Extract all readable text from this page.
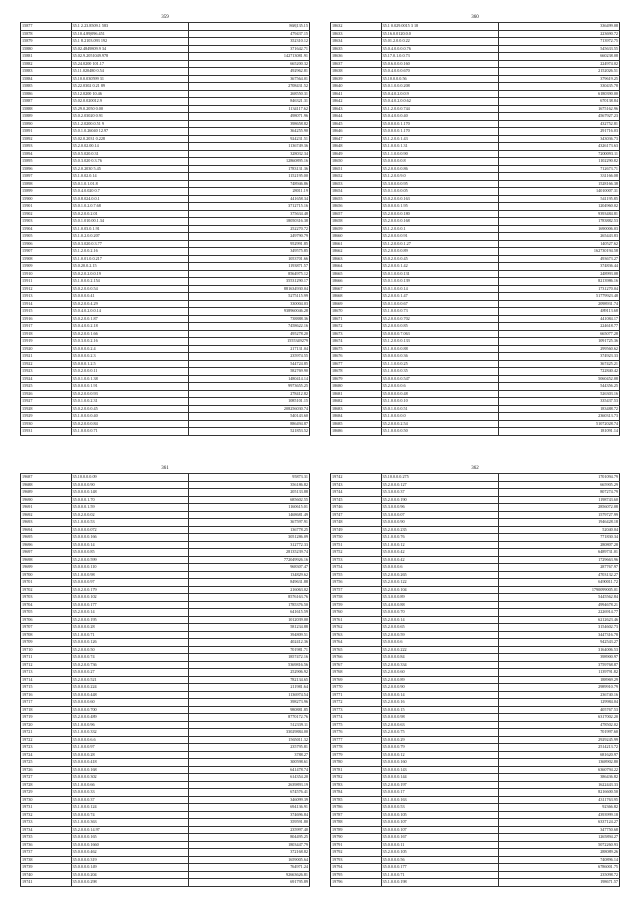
359
15877	35.1 2.23.8509.1 583	868|135.15
15878	35.10.4.89|096.451	479437.15
15879	35.1 8.2103.093 192	352310.12
15880	35.02.4849809.9 34	371642.71
15881	35.02.9.2051049.978	142713081.91
15882	35.24.0200 101.17	665200.32
15883	35.11.020480 0.54	492962.81
15884	35.10.0.030599 31	367564.01
15885	35.22.0302 0.21 89	2708431.52
15886	35.12.0200 10.46	268550.31
15887	35.02.0.020012.9	846321.31
15888	35.29.0.2050 0.00	1134117.62
15889	35.0.2.03020 0.91	498071.96
15890	35.1.2.0200.0.51 9	398658.82
15891	35.0.1.0.26040 12.97	364255.90
15892	35.02.0.2031 0.228	924231.51
15893	35.2.0.02.00.14	1136749.36
15894	35.0.5.020.0.31	328032.34
15895	35.0.3.020 0.3.76	12860895.16
15896	35.2.0.2030 5.45	1783131.36
15897	35.1.0.02.0.14	1152195.00
15898	35.0.1.0.1.01.8	748946.86
15899	35.0.4.0.020 0.7	28011.19
15900	35.0.8.024.0.0.1	441658.34
15901	35.0.1.0.2.0.7.68	3712715.16
15902	35.0.2.0.0.2.01	375634.48
15903	35.0.1.010.00.1.34	18050316.38
15904	35.1.0.03.0.1.91	252270.72
15905	35.1.0.2.0.0.207	249790.79
15906	35.0.3.020.0.3.77	952991.85
15907	35.1.2.0.0.2.16	349575.85
15908	35.1.0.01.0.0.217	1053701.66
15909	35.0.20.0.2.15	1193871.57
15910	35.0.2.0.2.0.0.19	8564975.12
15911	35.1.0.0.0.2.154	35531290.17
15912	35.0.2.0.0.0.54	881634930.04
15913	35.0.0.0.0.41	5275115.99
15914	35.0.2.0.0.4.29	330004.03
15915	35.0.4.0.2.0.0.14	938960046.28
15916	35.0.2.0.0.1.87	738888.36
15917	35.0.4.0.0.2.18	7458622.16
15918	35.0.2.0.0.1.66	495278.20
15919	35.0.3.0.0.2.16	1555349279
15920	35.0.0.0.0.2.4	217131.04
15921	35.0.0.0.0.2.3	235974.55
15922	35.0.0.0.1.2.5	544724.85
15923	35.0.2.0.0.0.11	582769.90
15924	35.0.1.0.0.1.38	1480414.14
15925	35.0.0.0.0.1.91	9973655.25
15926	35.0.2.0.0.0.93	278412.82
15927	35.0.1.0.0.2.31	1085101.15
15928	35.0.2.0.0.0.45	208256030.74
15929	35.1.0.0.0.0.40	540143.60
15930	35.0.2.0.0.0.84	886494.87
15931	35.1.0.0.0.0.71	521853.52
360
18632	35.1 0.029.0015 3 18	336499.08
18633	35.16.0.0120.0.0	223690.72
18634	35.01.2.0.0.0.22	713972.75
18635	35.0.4.0.0.0.0.76	545633.55
18636	35.17.0.1.0.0.73	660238.08
18637	35.0.6.0.0.0.160	224974.02
18638	35.0.4.0.0.0.670	2152026.51
18639	35.10.0.0.0.56	379619.25
18640	35.0.1.0.0.0.208	330435.78
18641	35.0.4.0.2.0.0.9	6180390.00
18642	35.0.4.0.2.0.0.62	670138.84
18643	35.1.2.0.0.0.744	1675162.96
18644	35.0.4.0.0.0.40	4567927.23
18645	35.0.0.0.0.1.170	432752.81
18646	35.0.0.0.0.1.170	291716.03
18647	35.1.2.0.0.1.43	343036.73
18648	35.1.0.0.0.1.31	4326173.63
18649	35.1.1.0.0.0.90	7200093.11
18650	35.0.0.0.0.0.8	1102290.82
18651	35.2.0.0.0.0.86	712673.71
18652	35.1.2.0.0.9.0	331166.08
18653	35.3.0.0.0.0.95	1528166.38
18654	35.0.1.0.0.0.05	14010007.31
18655	35.0.2.0.0.0.163	541195.85
18656	35.0.0.0.0.1.95	1204960.02
18657	35.2.0.0.0.0.180	9393484.81
18658	35.2.0.0.0.0.168	1783882.53
18659	35.1.2.0.0.0.1	1690006.03
18660	35.2.0.0.0.0.91	265443.83
18661	35.1.2.0.0.0.1.27	140527.62
18662	35.2.0.0.0.0.89	162730194.58
18663	35.0.2.0.0.0.45	493673.27
18664	35.2.0.0.0.1.42	374836.44
18665	35.0.1.0.0.0.131	248993.08
18666	35.0.1.0.0.0.139	8213986.16
18667	35.0.1.0.0.0.14	1731270.04
18668	35.2.0.0.0.1.47	51779923.48
18669	35.0.1.0.0.0.67	2098931.74
18670	35.1.0.0.0.0.73	489113.68
18671	35.2.0.0.0.0.702	441084.17
18672	35.2.0.0.0.0.85	224618.77
18673	35.0.0.0.0.7.063	665077.28
18674	35.1.2.0.0.0.133	1091725.36
18675	35.1.0.0.0.0.88	299560.62
18676	35.0.0.0.0.0.36	374923.33
18677	35.1.1.0.0.0.25	367425.21
18678	35.1.0.0.0.0.35	722840.42
18679	35.0.0.0.0.0.547	5060452.08
18680	35.2.0.0.0.0.6	544356.25
18681	35.0.0.0.0.0.48	526303.16
18682	35.1.0.0.0.0.10	335437.53
18683	35.0.1.0.0.0.51	183488.72
18684	35.1.0.0.0.0.0	2360313.73
18685	35.2.0.0.0.2.54	51072028.74
18686	35.1.0.0.0.0.50	181091.14
361
19687	35.10.0.0.0.09	95873.31
19688	35.0.0.0.0.90	356186.82
19689	35.0.0.0.0.148	205133.88
19690	35.0.0.0.1.70	685602.55
19691	35.0.0.0.1.59	1160615.01
19692	35.0.2.0.0.02	1468681.49
19693	35.1.0.0.0.53	367597.91
19694	35.0.0.0.0.072	136778.25
19695	35.0.0.0.0.166	3051286.09
19696	35.0.0.0.0.14	312772.33
19697	35.0.0.0.0.85	28135239.74
19698	35.2.0.0.0.599	772049926.16
19699	35.0.0.0.0.110	968307.47
19700	35.1.0.0.0.98	134829.62
19701	35.0.0.0.0.97	849631.88
19702	35.0.2.0.0.179	216063.02
19703	35.0.0.0.0.102	8576163.76
19704	35.0.0.0.0.177	1785376.50
19705	35.2.0.0.0.14	641615.59
19706	35.2.0.0.0.195	1012039.00
19707	35.0.0.0.0.28	581234.88
19708	35.1.0.0.0.71	394809.51
19709	35.0.0.0.0.126	402412.36
19710	35.2.0.0.0.50	701981.71
19711	35.0.0.0.0.74	1857472.16
19712	35.0.2.0.0.736	5369816.56
19713	35.0.0.0.0.27	252906.92
19714	35.2.0.0.0.521	782134.65
19715	35.0.0.0.0.224	211981.64
19716	35.0.0.0.0.448	1136974.54
19717	35.0.0.0.0.60	398273.96
19718	35.0.0.0.0.700	980881.85
19719	35.2.0.0.0.489	8770172.76
19720	35.1.0.0.0.96	512339.11
19721	35.1.0.0.0.332	33029884.00
19722	35.0.0.0.0.6.6	1565011.32
19723	35.1.0.0.0.97	235795.81
19724	35.0.0.0.0.28	3788.27
19725	35.0.0.0.0.418	300598.61
19726	35.0.0.0.0.168	641478.74
19727	35.0.0.0.0.302	614354.20
19728	35.1.0.0.0.66	2639893.19
19729	35.0.0.0.0.33	674576.41
19730	35.0.0.0.0.37	346099.39
19731	35.1.0.0.0.124	694136.91
19732	35.0.0.0.0.74	374696.84
19733	35.1.0.0.0.363	359591.80
19734	35.2.0.0.0.14.97	235997.40
19735	35.0.0.0.0.165	804495.25
19736	35.0.0.0.0.1660	1803447.79
19737	35.0.0.0.0.462	372168.82
19738	35.0.0.0.0.319	1659005.64
19739	35.0.0.0.0.149	764971.24
19740	35.0.0.0.0.204	92663626.81
19741	35.0.0.0.0.298	691795.89
362
19742	35.10.0.0.0.275	1701094.79
19743	35.2.0.0.0.127	665905.29
19744	35.3.0.0.0.37	807274.79
19745	35.2.0.0.0.190	1198743.60
19746	35.3.0.0.0.96	2856072.08
19747	35.3.0.0.0.07	1579727.99
19748	35.0.0.0.0.90	1946428.18
19749	35.2.0.0.0.235	52040.04
19750	35.1.0.0.0.76	771830.34
19751	35.1.0.0.0.12	280807.28
19752	35.0.0.0.0.42	6489731.01
19753	35.0.0.0.0.42	1729663.96
19754	35.0.0.0.0.6	287767.97
19755	35.2.0.0.0.265	4703132.27
19756	35.2.0.0.0.122	6490011.72
19757	35.2.0.0.0.104	1790099005.01
19758	35.3.0.0.0.89	5445562.84
19759	35.4.0.0.0.88	4994678.21
19760	35.0.0.0.0.70	2226914.77
19761	35.2.0.0.0.14	6212623.46
19762	35.2.0.0.0.65	3154602.73
19763	35.2.0.0.0.59	3447316.78
19764	35.0.0.0.0.6	942543.27
19765	35.2.0.0.0.222	3164006.53
19766	35.0.0.0.0.84	398900.97
19767	35.2.0.0.0.334	3759768.87
19768	35.2.0.0.0.60	1139791.82
19769	35.2.0.0.0.89	188969.29
19770	35.2.0.0.0.90	2989910.79
19771	35.0.0.0.0.14	236740.16
19772	35.2.0.0.0.16	129984.04
19773	35.0.0.0.0.15	405767.53
19774	35.0.0.0.0.98	6317002.20
19775	35.2.0.0.0.63	478502.02
19776	35.2.0.0.0.75	701997.60
19777	35.0.0.0.0.29	2929245.99
19778	35.0.0.0.0.79	2514213.72
19779	35.0.0.0.0.12	681620.97
19780	35.0.0.0.0.160	1368902.80
19781	35.0.0.0.0.143	6360794.22
19782	35.0.0.0.0.144	386436.82
19783	35.2.0.0.0.197	1622443.33
19784	35.0.0.0.0.17	8216600.50
19785	35.1.0.0.0.163	4311763.95
19786	35.0.0.0.0.53	92366.82
19787	35.0.0.0.0.105	4393999.18
19788	35.0.0.0.0.107	6337124.27
19789	35.0.0.0.0.107	347750.68
19790	35.0.0.0.0.167	1265894.27
19791	35.0.0.0.0.11	5072260.93
19792	35.2.0.0.0.105	288089.26
19793	35.0.0.0.0.56	740896.14
19794	35.0.0.0.0.177	6786001.75
19795	35.1.0.0.0.71	235098.72
19796	35.1.0.0.0.198	198671.57
